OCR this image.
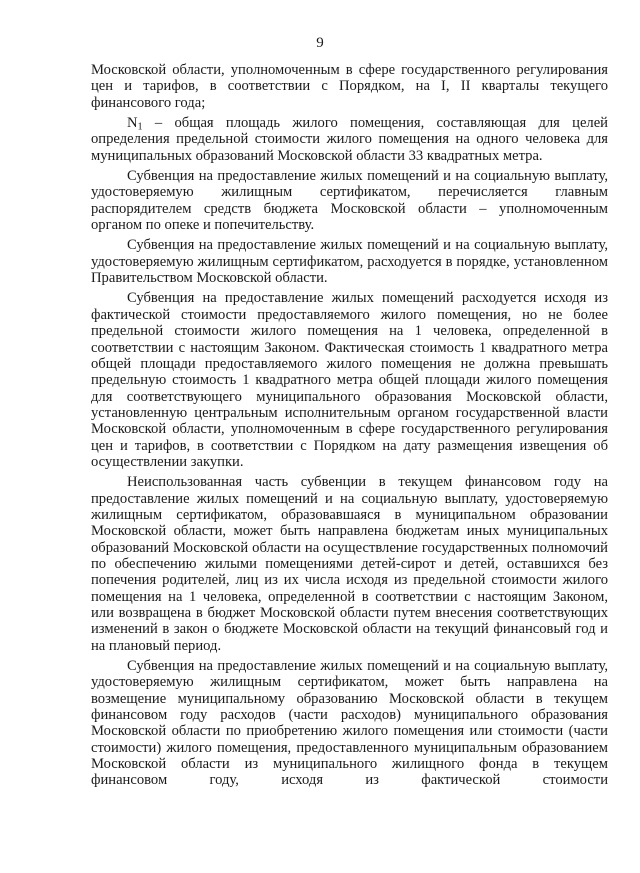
9

Московской области, уполномоченным в сфере государственного регулирования цен и тарифов, в соответствии с Порядком, на I, II кварталы текущего финансового года;

$N_1$ – общая площадь жилого помещения, составляющая для целей определения предельной стоимости жилого помещения на одного человека для муниципальных образований Московской области 33 квадратных метра.

Субвенция на предоставление жилых помещений и на социальную выплату, удостоверяемую жилищным сертификатом, перечисляется главным распорядителем средств бюджета Московской области – уполномоченным органом по опеке и попечительству.

Субвенция на предоставление жилых помещений и на социальную выплату, удостоверяемую жилищным сертификатом, расходуется в порядке, установленном Правительством Московской области.

Субвенция на предоставление жилых помещений расходуется исходя из фактической стоимости предоставляемого жилого помещения, но не более предельной стоимости жилого помещения на 1 человека, определенной в соответствии с настоящим Законом. Фактическая стоимость 1 квадратного метра общей площади предоставляемого жилого помещения не должна превышать предельную стоимость 1 квадратного метра общей площади жилого помещения для соответствующего муниципального образования Московской области, установленную центральным исполнительным органом государственной власти Московской области, уполномоченным в сфере государственного регулирования цен и тарифов, в соответствии с Порядком на дату размещения извещения об осуществлении закупки.

Неиспользованная часть субвенции в текущем финансовом году на предоставление жилых помещений и на социальную выплату, удостоверяемую жилищным сертификатом, образовавшаяся в муниципальном образовании Московской области, может быть направлена бюджетам иных муниципальных образований Московской области на осуществление государственных полномочий по обеспечению жилыми помещениями детей-сирот и детей, оставшихся без попечения родителей, лиц из их числа исходя из предельной стоимости жилого помещения на 1 человека, определенной в соответствии с настоящим Законом, или возвращена в бюджет Московской области путем внесения соответствующих изменений в закон о бюджете Московской области на текущий финансовый год и на плановый период.

Субвенция на предоставление жилых помещений и на социальную выплату, удостоверяемую жилищным сертификатом, может быть направлена на возмещение муниципальному образованию Московской области в текущем финансовом году расходов (части расходов) муниципального образования Московской области по приобретению жилого помещения или стоимости (части стоимости) жилого помещения, предоставленного муниципальным образованием Московской области из муниципального жилищного фонда в текущем финансовом году, исходя из фактической стоимости
